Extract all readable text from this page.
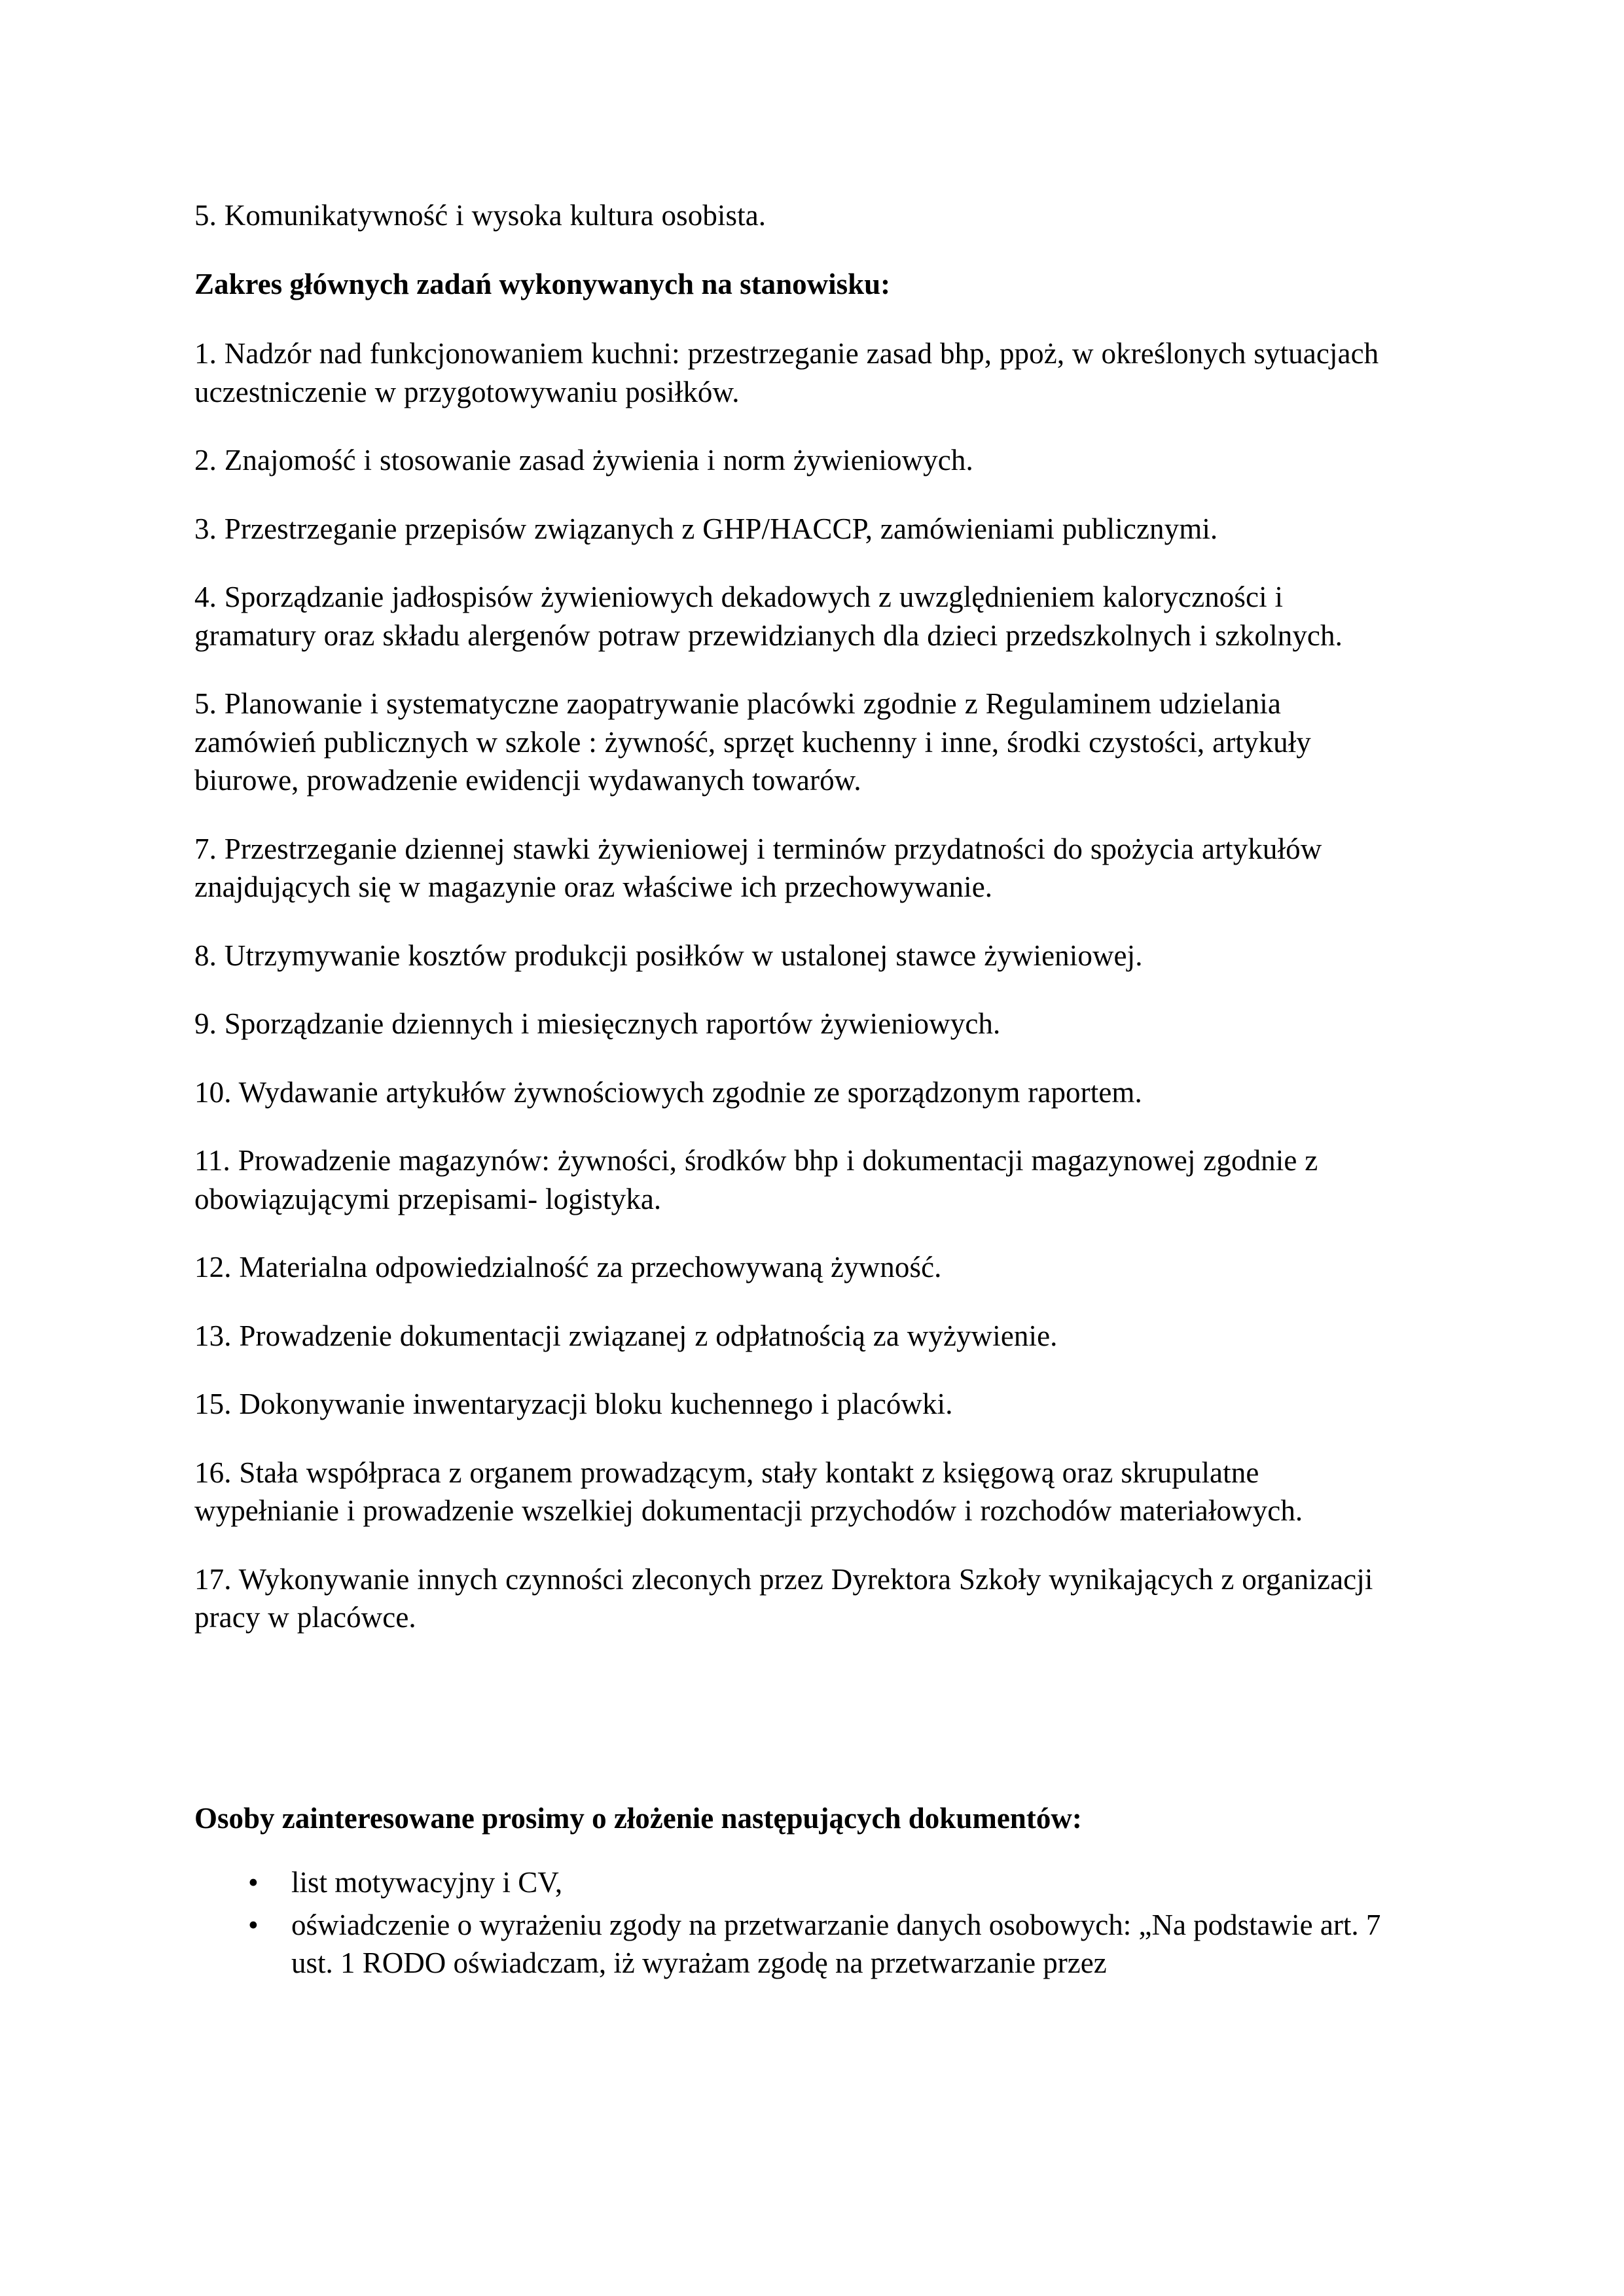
5. Komunikatywność i wysoka kultura osobista.

Zakres głównych zadań wykonywanych na stanowisku:

1. Nadzór nad funkcjonowaniem kuchni: przestrzeganie zasad bhp, ppoż, w określonych sytuacjach uczestniczenie w przygotowywaniu posiłków.

2. Znajomość i stosowanie zasad żywienia i norm żywieniowych.

3. Przestrzeganie przepisów związanych z GHP/HACCP, zamówieniami publicznymi.

4. Sporządzanie jadłospisów żywieniowych dekadowych z uwzględnieniem kaloryczności i gramatury oraz składu alergenów potraw przewidzianych dla dzieci przedszkolnych i szkolnych.

5. Planowanie i systematyczne zaopatrywanie placówki zgodnie z Regulaminem udzielania zamówień publicznych w szkole : żywność, sprzęt kuchenny i inne, środki czystości, artykuły biurowe, prowadzenie ewidencji wydawanych towarów.

7. Przestrzeganie dziennej stawki żywieniowej i terminów przydatności do spożycia artykułów znajdujących się w magazynie oraz właściwe ich przechowywanie.

8. Utrzymywanie kosztów produkcji posiłków w ustalonej stawce żywieniowej.

9. Sporządzanie dziennych i miesięcznych raportów żywieniowych.

10. Wydawanie artykułów żywnościowych zgodnie ze sporządzonym raportem.

11. Prowadzenie magazynów: żywności, środków bhp i dokumentacji magazynowej zgodnie z obowiązującymi przepisami- logistyka.

12. Materialna odpowiedzialność za przechowywaną żywność.

13. Prowadzenie dokumentacji związanej z odpłatnością za wyżywienie.

15. Dokonywanie inwentaryzacji bloku kuchennego i placówki.

16. Stała współpraca z organem prowadzącym, stały kontakt z księgową oraz skrupulatne wypełnianie i prowadzenie wszelkiej dokumentacji przychodów i rozchodów materiałowych.

17. Wykonywanie innych czynności zleconych przez Dyrektora Szkoły wynikających z organizacji pracy w placówce.

Osoby zainteresowane prosimy o złożenie następujących dokumentów:

• list motywacyjny i CV,
• oświadczenie o wyrażeniu zgody na przetwarzanie danych osobowych: „Na podstawie art. 7 ust. 1 RODO oświadczam, iż wyrażam zgodę na przetwarzanie przez
